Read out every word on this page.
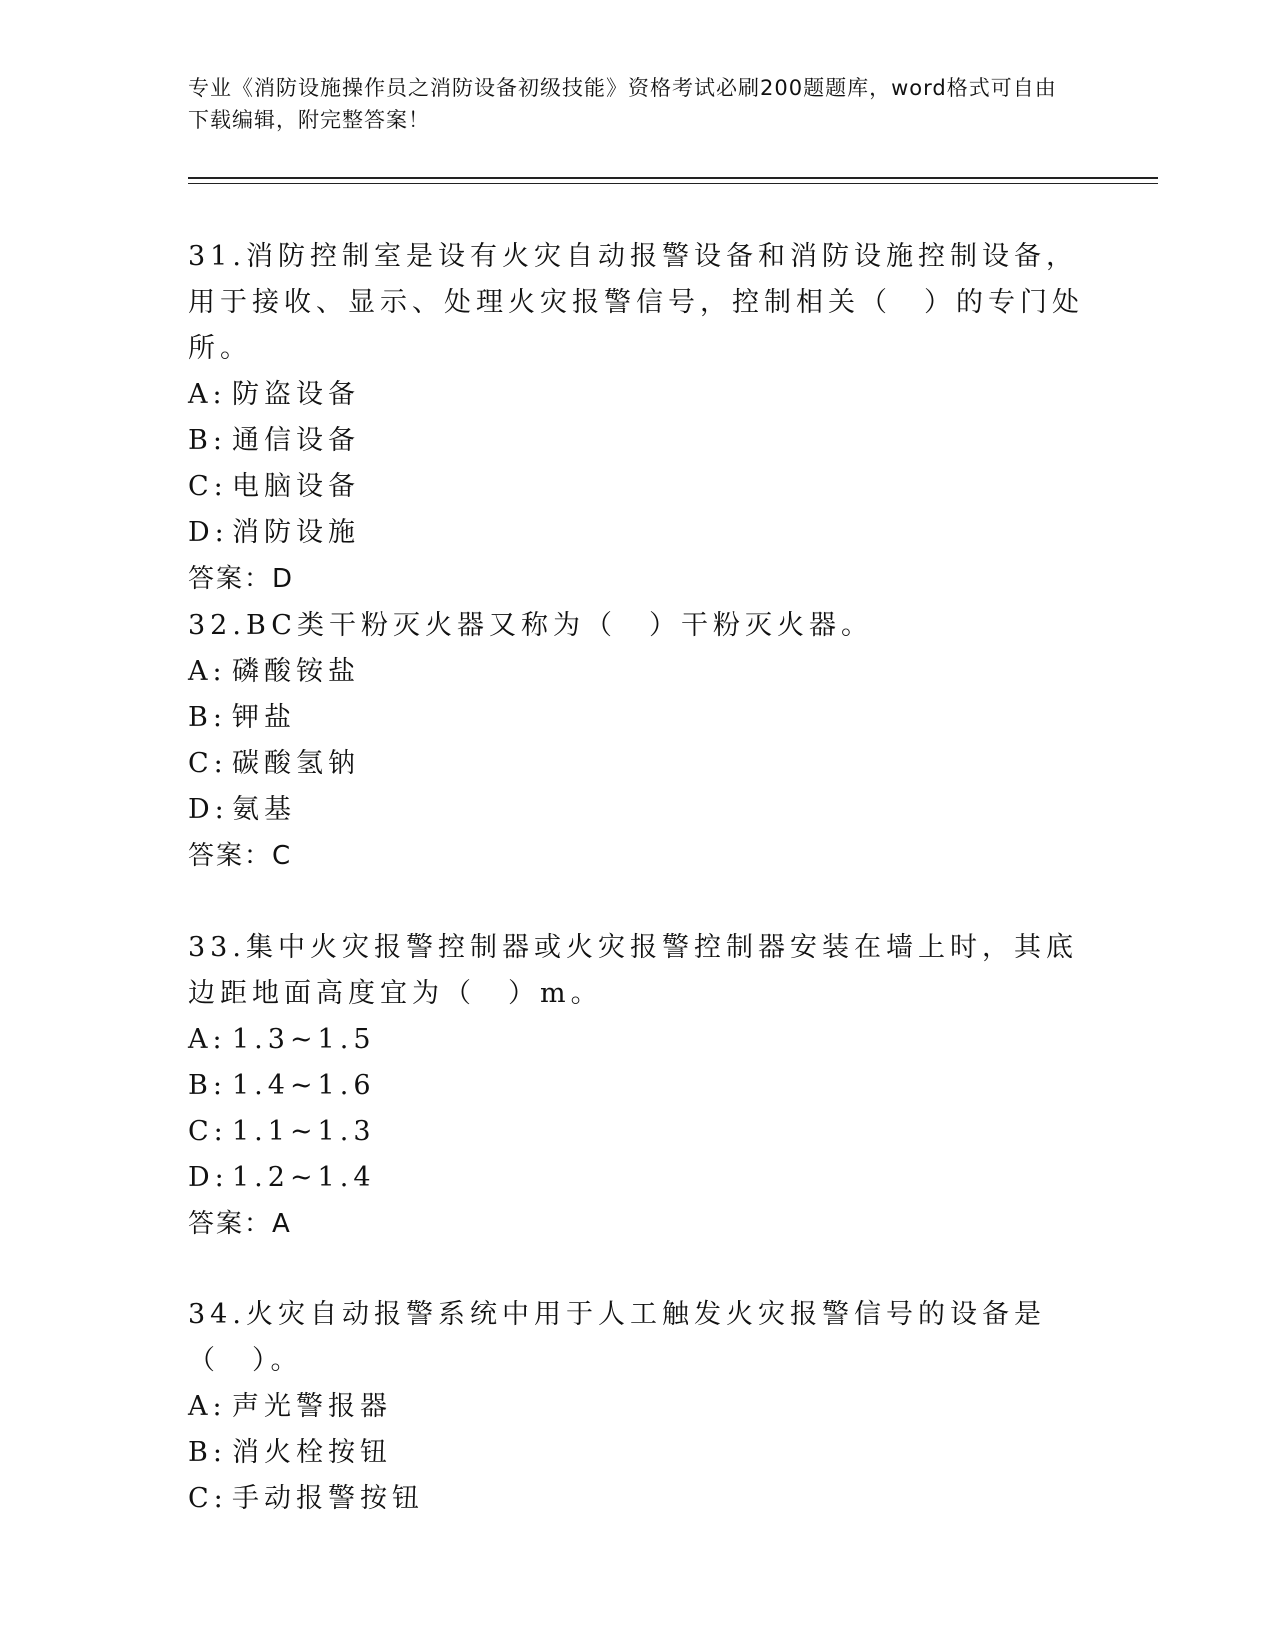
专业《消防设施操作员之消防设备初级技能》资格考试必刷200题题库，word格式可自由下载编辑，附完整答案！

31.消防控制室是设有火灾自动报警设备和消防设施控制设备，用于接收、显示、处理火灾报警信号，控制相关（　）的专门处所。

A: 防盗设备

B: 通信设备

C: 电脑设备

D: 消防设施

答案：D

32.BC类干粉灭火器又称为（　）干粉灭火器。

A: 磷酸铵盐

B: 钾盐

C: 碳酸氢钠

D: 氨基

答案：C

33.集中火灾报警控制器或火灾报警控制器安装在墙上时，其底边距地面高度宜为（　）m。

A: 1.3~1.5

B: 1.4~1.6

C: 1.1~1.3

D: 1.2~1.4

答案：A

34.火灾自动报警系统中用于人工触发火灾报警信号的设备是（　）。

A: 声光警报器

B: 消火栓按钮

C: 手动报警按钮
